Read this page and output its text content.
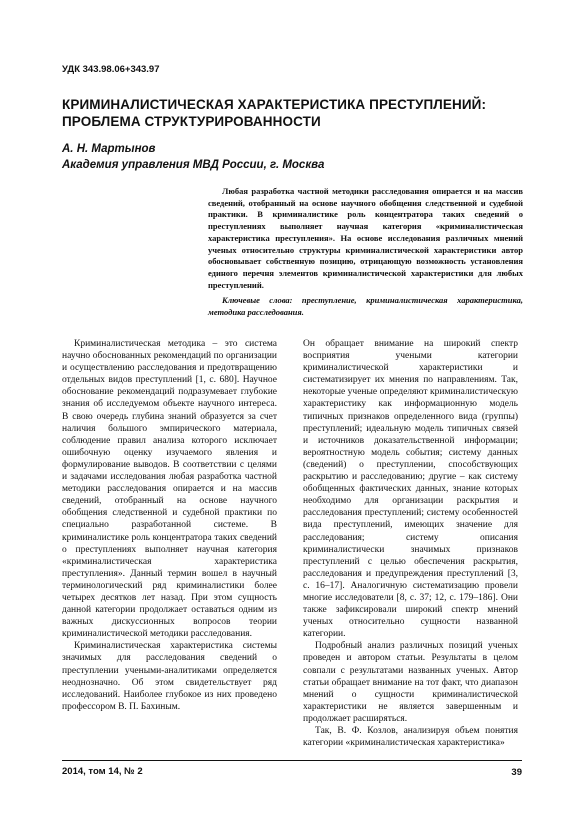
УДК 343.98.06+343.97
КРИМИНАЛИСТИЧЕСКАЯ ХАРАКТЕРИСТИКА ПРЕСТУПЛЕНИЙ: ПРОБЛЕМА СТРУКТУРИРОВАННОСТИ
А. Н. Мартынов
Академия управления МВД России, г. Москва

Любая разработка частной методики расследования опирается и на массив сведений, отобранный на основе научного обобщения следственной и судебной практики. В криминалистике роль концентратора таких сведений о преступлениях выполняет научная категория «криминалистическая характеристика преступления». На основе исследования различных мнений ученых относительно структуры криминалистической характеристики автор обосновывает собственную позицию, отрицающую возможность установления единого перечня элементов криминалистической характеристики для любых преступлений.

Ключевые слова: преступление, криминалистическая характеристика, методика расследования.

Криминалистическая методика – это система научно обоснованных рекомендаций по организации и осуществлению расследования и предотвращению отдельных видов преступлений [1, с. 680]. Научное обоснование рекомендаций подразумевает глубокие знания об исследуемом объекте научного интереса. В свою очередь глубина знаний образуется за счет наличия большого эмпирического материала, соблюдение правил анализа которого исключает ошибочную оценку изучаемого явления и формулирование выводов. В соответствии с целями и задачами исследования любая разработка частной методики расследования опирается и на массив сведений, отобранный на основе научного обобщения следственной и судебной практики по специально разработанной системе. В криминалистике роль концентратора таких сведений о преступлениях выполняет научная категория «криминалистическая характеристика преступления». Данный термин вошел в научный терминологический ряд криминалистики более четырех десятков лет назад. При этом сущность данной категории продолжает оставаться одним из важных дискуссионных вопросов теории криминалистической методики расследования.

Криминалистическая характеристика системы значимых для расследования сведений о преступлении учеными-аналитиками определяется неоднозначно. Об этом свидетельствует ряд исследований. Наиболее глубокое из них проведено профессором В. П. Бахиным.

Он обращает внимание на широкий спектр восприятия учеными категории криминалистической характеристики и систематизирует их мнения по направлениям. Так, некоторые ученые определяют криминалистическую характеристику как информационную модель типичных признаков определенного вида (группы) преступлений; идеальную модель типичных связей и источников доказательственной информации; вероятностную модель события; систему данных (сведений) о преступлении, способствующих раскрытию и расследованию; другие – как систему обобщенных фактических данных, знание которых необходимо для организации раскрытия и расследования преступлений; систему особенностей вида преступлений, имеющих значение для расследования; систему описания криминалистически значимых признаков преступлений с целью обеспечения раскрытия, расследования и предупреждения преступлений [3, с. 16–17]. Аналогичную систематизацию провели многие исследователи [8, с. 37; 12, с. 179–186]. Они также зафиксировали широкий спектр мнений ученых относительно сущности названной категории.

Подробный анализ различных позиций ученых проведен и автором статьи. Результаты в целом совпали с результатами названных ученых. Автор статьи обращает внимание на тот факт, что диапазон мнений о сущности криминалистической характеристики не является завершенным и продолжает расширяться.

Так, В. Ф. Козлов, анализируя объем понятия категории «криминалистическая характеристика»

2014, том 14, № 2	39
